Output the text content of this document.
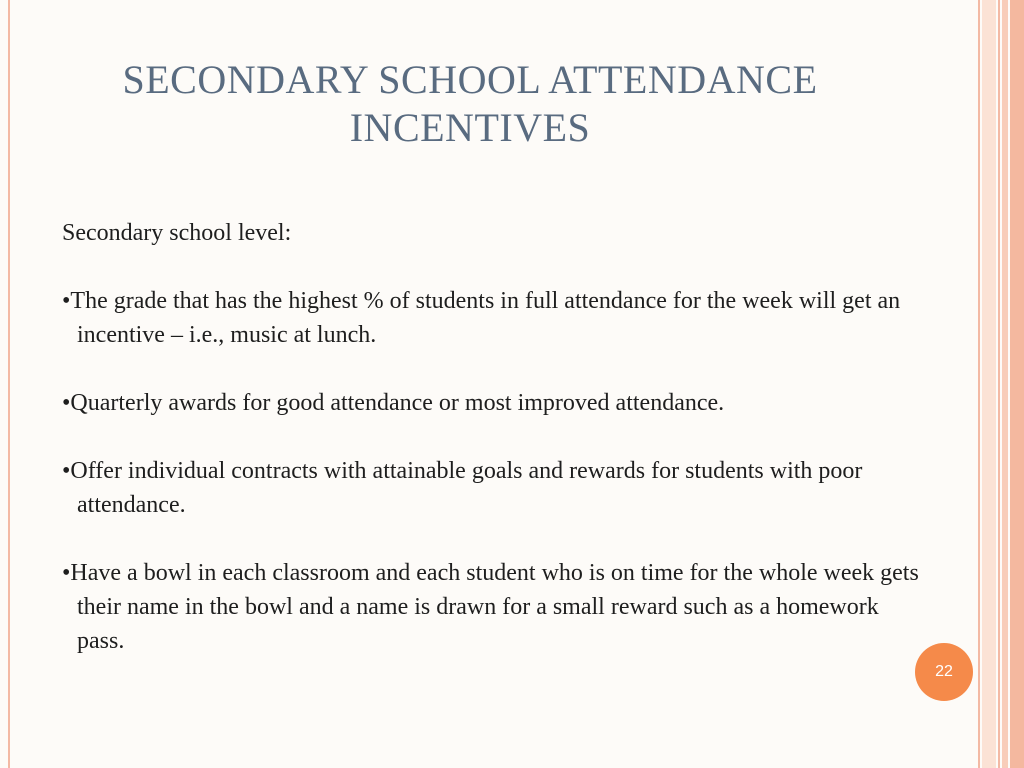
SECONDARY SCHOOL ATTENDANCE
INCENTIVES

Secondary school level:

•The grade that has the highest % of students in full attendance for the week will get an incentive – i.e., music at lunch.

•Quarterly awards for good attendance or most improved attendance.

•Offer individual contracts with attainable goals and rewards for students with poor attendance.

•Have a bowl in each classroom and each student who is on time for the whole week gets their name in the bowl and a name is drawn for a small reward such as a homework pass.

22
